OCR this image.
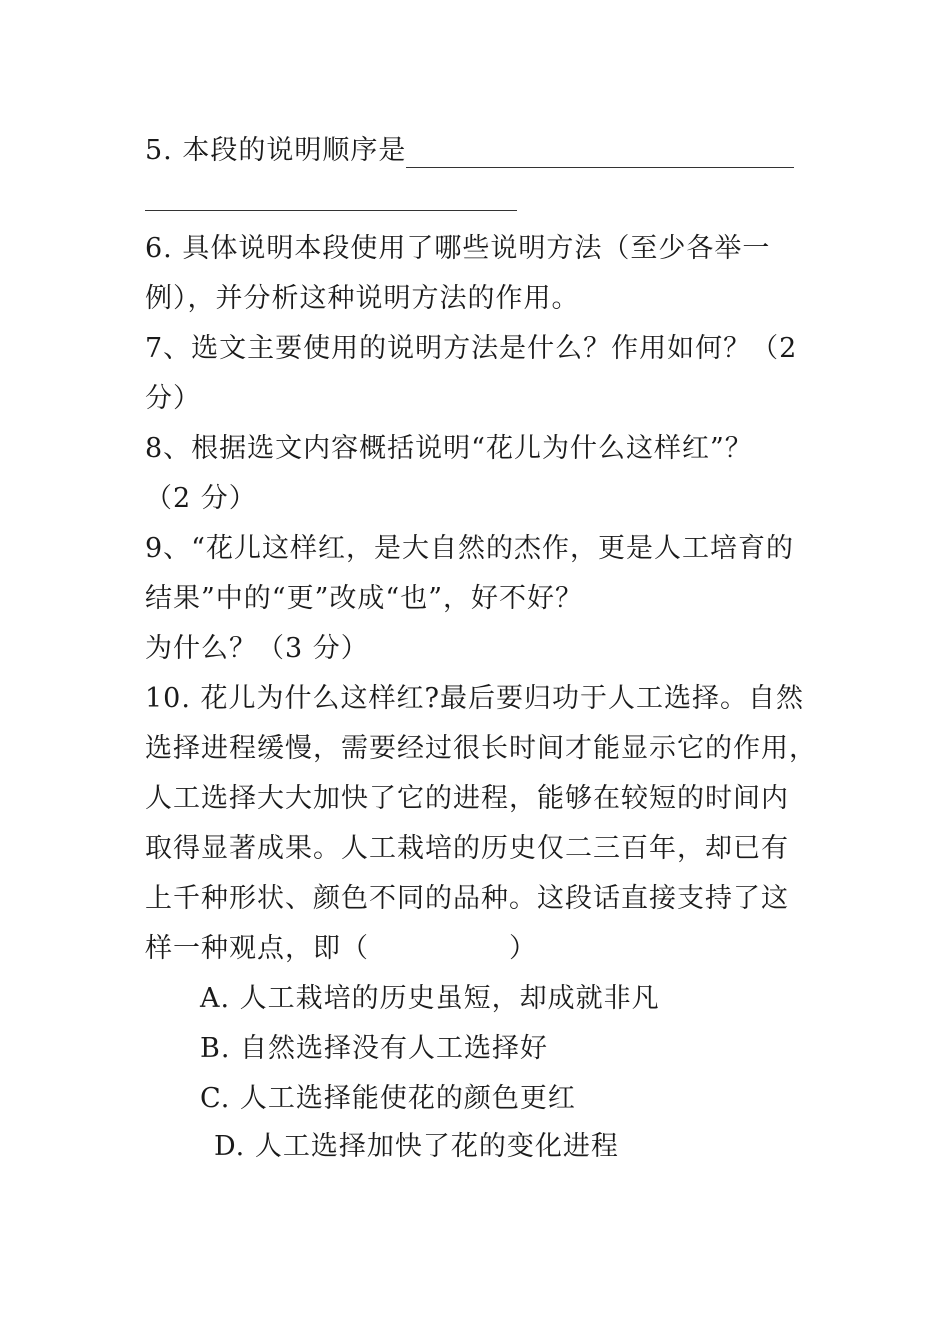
5. 本段的说明顺序是
6. 具体说明本段使用了哪些说明方法（至少各举一
例），并分析这种说明方法的作用。
7、选文主要使用的说明方法是什么？作用如何？（2
分）
8、根据选文内容概括说明“花儿为什么这样红”？
（2 分）
9、“花儿这样红，是大自然的杰作，更是人工培育的
结果”中的“更”改成“也”，好不好？
为什么？（3 分）
10. 花儿为什么这样红?最后要归功于人工选择。自然
选择进程缓慢，需要经过很长时间才能显示它的作用，
人工选择大大加快了它的进程，能够在较短的时间内
取得显著成果。人工栽培的历史仅二三百年，却已有
上千种形状、颜色不同的品种。这段话直接支持了这
样一种观点，即（　　　　　）
A. 人工栽培的历史虽短，却成就非凡
B. 自然选择没有人工选择好
C. 人工选择能使花的颜色更红
D. 人工选择加快了花的变化进程
